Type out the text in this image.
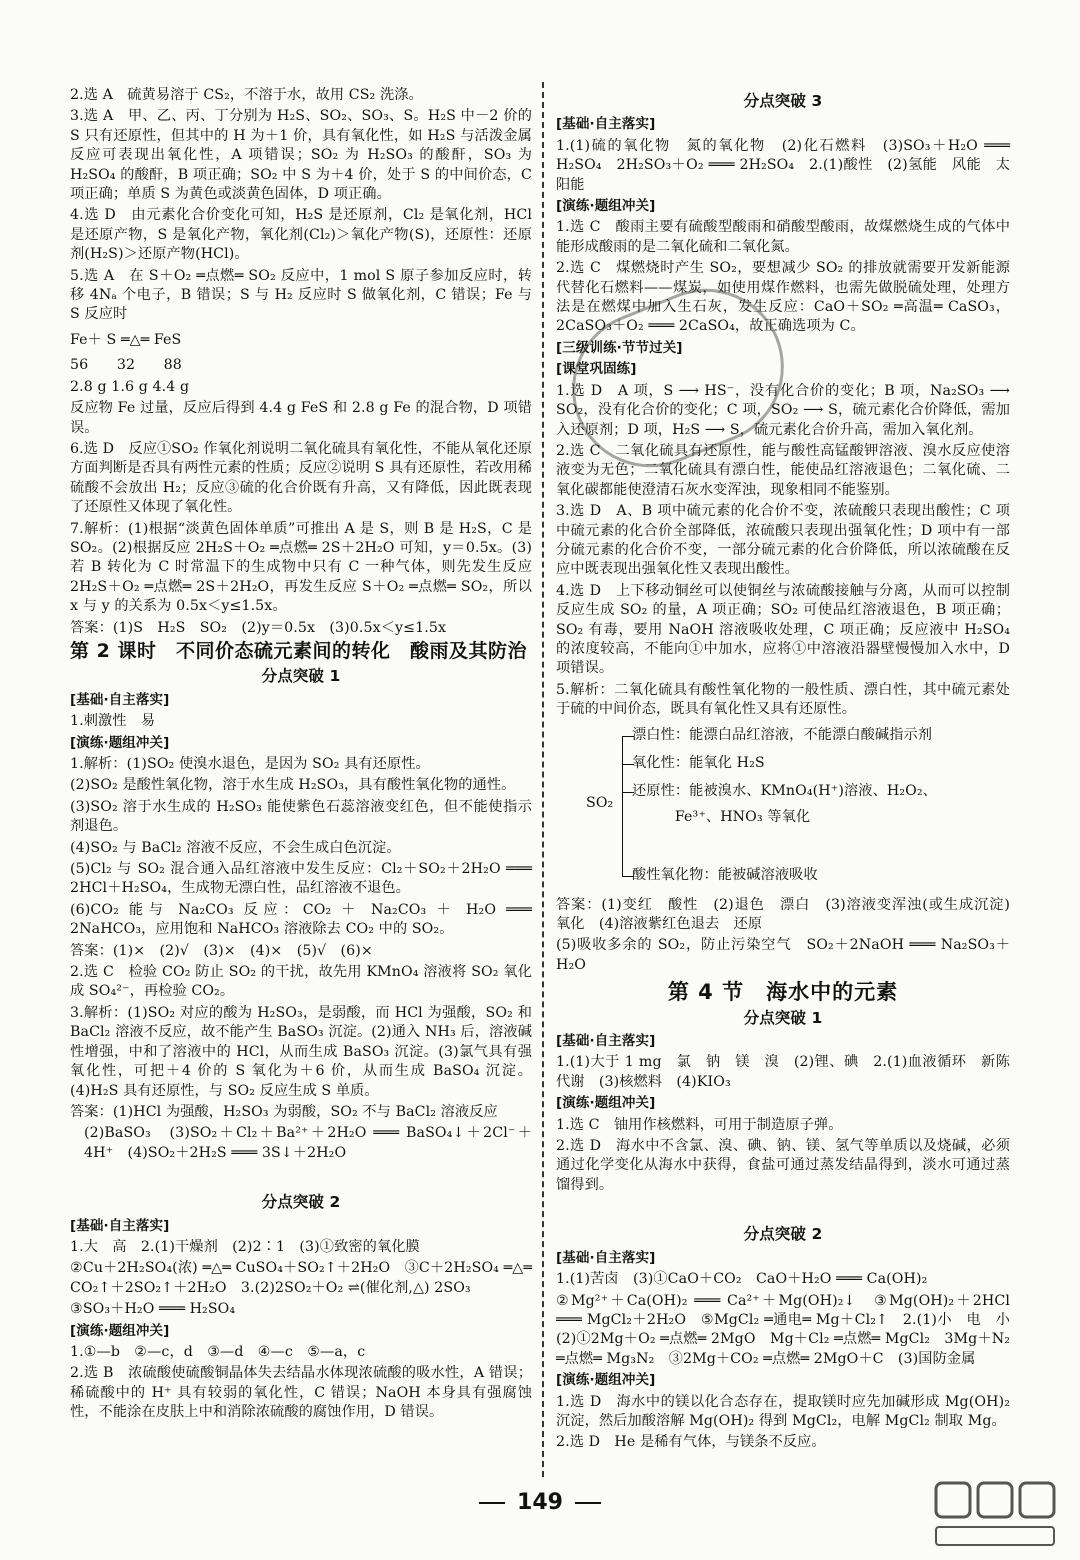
2.选 A　硫黄易溶于 CS₂，不溶于水，故用 CS₂ 洗涤。
3.选 A　甲、乙、丙、丁分别为 H₂S、SO₂、SO₃、S。H₂S 中－2 价的 S 只有还原性，但其中的 H 为＋1 价，具有氧化性，如 H₂S 与活泼金属反应可表现出氧化性，A 项错误；SO₂ 为 H₂SO₃ 的酸酐，SO₃ 为 H₂SO₄ 的酸酐，B 项正确；SO₂ 中 S 为＋4 价，处于 S 的中间价态，C 项正确；单质 S 为黄色或淡黄色固体，D 项正确。
4.选 D　由元素化合价变化可知，H₂S 是还原剂，Cl₂ 是氧化剂，HCl 是还原产物，S 是氧化产物，氧化剂(Cl₂)＞氧化产物(S)，还原性：还原剂(H₂S)＞还原产物(HCl)。
5.选 A　在 S＋O₂ ═点燃═ SO₂ 反应中，1 mol S 原子参加反应时，转移 4Nₐ 个电子，B 错误；S 与 H₂ 反应时 S 做氧化剂，C 错误；Fe 与 S 反应时
Fe＋ S ═△═ FeS
56　　32　　88
2.8 g 1.6 g 4.4 g
反应物 Fe 过量，反应后得到 4.4 g FeS 和 2.8 g Fe 的混合物，D 项错误。
6.选 D　反应①SO₂ 作氧化剂说明二氧化硫具有氧化性，不能从氧化还原方面判断是否具有两性元素的性质；反应②说明 S 具有还原性，若改用稀硫酸不会放出 H₂；反应③硫的化合价既有升高，又有降低，因此既表现了还原性又体现了氧化性。
7.解析：(1)根据“淡黄色固体单质”可推出 A 是 S，则 B 是 H₂S，C 是 SO₂。(2)根据反应 2H₂S＋O₂ ═点燃═ 2S＋2H₂O 可知，y＝0.5x。(3)若 B 转化为 C 时常温下的生成物中只有 C 一种气体，则先发生反应 2H₂S＋O₂ ═点燃═ 2S＋2H₂O，再发生反应 S＋O₂ ═点燃═ SO₂，所以 x 与 y 的关系为 0.5x＜y≤1.5x。
答案：(1)S　H₂S　SO₂　(2)y＝0.5x　(3)0.5x＜y≤1.5x
第 2 课时　不同价态硫元素间的转化　酸雨及其防治
分点突破 1
[基础·自主落实]
1.刺激性　易
[演练·题组冲关]
1.解析：(1)SO₂ 使溴水退色，是因为 SO₂ 具有还原性。
(2)SO₂ 是酸性氧化物，溶于水生成 H₂SO₃，具有酸性氧化物的通性。
(3)SO₂ 溶于水生成的 H₂SO₃ 能使紫色石蕊溶液变红色，但不能使指示剂退色。
(4)SO₂ 与 BaCl₂ 溶液不反应，不会生成白色沉淀。
(5)Cl₂ 与 SO₂ 混合通入品红溶液中发生反应：Cl₂＋SO₂＋2H₂O ═══ 2HCl＋H₂SO₄，生成物无漂白性，品红溶液不退色。
(6)CO₂ 能与 Na₂CO₃ 反应：CO₂ ＋ Na₂CO₃ ＋ H₂O ═══ 2NaHCO₃，应用饱和 NaHCO₃ 溶液除去 CO₂ 中的 SO₂。
答案：(1)×　(2)√　(3)×　(4)×　(5)√　(6)×
2.选 C　检验 CO₂ 防止 SO₂ 的干扰，故先用 KMnO₄ 溶液将 SO₂ 氧化成 SO₄²⁻，再检验 CO₂。
3.解析：(1)SO₂ 对应的酸为 H₂SO₃，是弱酸，而 HCl 为强酸，SO₂ 和 BaCl₂ 溶液不反应，故不能产生 BaSO₃ 沉淀。(2)通入 NH₃ 后，溶液碱性增强，中和了溶液中的 HCl，从而生成 BaSO₃ 沉淀。(3)氯气具有强氧化性，可把＋4 价的 S 氧化为＋6 价，从而生成 BaSO₄ 沉淀。(4)H₂S 具有还原性，与 SO₂ 反应生成 S 单质。
答案：(1)HCl 为强酸，H₂SO₃ 为弱酸，SO₂ 不与 BaCl₂ 溶液反应
(2)BaSO₃　(3)SO₂＋Cl₂＋Ba²⁺＋2H₂O ═══ BaSO₄↓＋2Cl⁻＋4H⁺　(4)SO₂＋2H₂S ═══ 3S↓＋2H₂O
分点突破 2
[基础·自主落实]
1.大　高　2.(1)干燥剂　(2)2∶1　(3)①致密的氧化膜
②Cu＋2H₂SO₄(浓) ═△═ CuSO₄＋SO₂↑＋2H₂O　③C＋2H₂SO₄ ═△═ CO₂↑＋2SO₂↑＋2H₂O　3.(2)2SO₂＋O₂ ⇌(催化剂,△) 2SO₃
③SO₃＋H₂O ═══ H₂SO₄
[演练·题组冲关]
1.①—b　②—c，d　③—d　④—c　⑤—a，c
2.选 B　浓硫酸使硫酸铜晶体失去结晶水体现浓硫酸的吸水性，A 错误；稀硫酸中的 H⁺ 具有较弱的氧化性，C 错误；NaOH 本身具有强腐蚀性，不能涂在皮肤上中和消除浓硫酸的腐蚀作用，D 错误。
分点突破 3
[基础·自主落实]
1.(1)硫的氧化物　氮的氧化物　(2)化石燃料　(3)SO₃＋H₂O ═══ H₂SO₄　2H₂SO₃＋O₂ ═══ 2H₂SO₄　2.(1)酸性　(2)氢能　风能　太阳能
[演练·题组冲关]
1.选 C　酸雨主要有硫酸型酸雨和硝酸型酸雨，故煤燃烧生成的气体中能形成酸雨的是二氧化硫和二氧化氮。
2.选 C　煤燃烧时产生 SO₂，要想减少 SO₂ 的排放就需要开发新能源代替化石燃料——煤炭，如使用煤作燃料，也需先做脱硫处理，处理方法是在燃煤中加入生石灰，发生反应：CaO＋SO₂ ═高温═ CaSO₃，2CaSO₃＋O₂ ═══ 2CaSO₄，故正确选项为 C。
[三级训练·节节过关]
[课堂巩固练]
1.选 D　A 项，S ⟶ HS⁻，没有化合价的变化；B 项，Na₂SO₃ ⟶ SO₂，没有化合价的变化；C 项，SO₂ ⟶ S，硫元素化合价降低，需加入还原剂；D 项，H₂S ⟶ S，硫元素化合价升高，需加入氧化剂。
2.选 C　二氧化硫具有还原性，能与酸性高锰酸钾溶液、溴水反应使溶液变为无色；二氧化硫具有漂白性，能使品红溶液退色；二氧化硫、二氧化碳都能使澄清石灰水变浑浊，现象相同不能鉴别。
3.选 D　A、B 项中硫元素的化合价不变，浓硫酸只表现出酸性；C 项中硫元素的化合价全部降低，浓硫酸只表现出强氧化性；D 项中有一部分硫元素的化合价不变，一部分硫元素的化合价降低，所以浓硫酸在反应中既表现出强氧化性又表现出酸性。
4.选 D　上下移动铜丝可以使铜丝与浓硫酸接触与分离，从而可以控制反应生成 SO₂ 的量，A 项正确；SO₂ 可使品红溶液退色，B 项正确；SO₂ 有毒，要用 NaOH 溶液吸收处理，C 项正确；反应液中 H₂SO₄ 的浓度较高，不能向①中加水，应将①中溶液沿器壁慢慢加入水中，D 项错误。
5.解析：二氧化硫具有酸性氧化物的一般性质、漂白性，其中硫元素处于硫的中间价态，既具有氧化性又具有还原性。
SO₂
漂白性：能漂白品红溶液，不能漂白酸碱指示剂
氧化性：能氧化 H₂S
还原性：能被溴水、KMnO₄(H⁺)溶液、H₂O₂、
　　　Fe³⁺、HNO₃ 等氧化
酸性氧化物：能被碱溶液吸收
答案：(1)变红　酸性　(2)退色　漂白　(3)溶液变浑浊(或生成沉淀)　氧化　(4)溶液紫红色退去　还原
(5)吸收多余的 SO₂，防止污染空气　SO₂＋2NaOH ═══ Na₂SO₃＋H₂O
第 4 节　海水中的元素
分点突破 1
[基础·自主落实]
1.(1)大于 1 mg　氯　钠　镁　溴　(2)锂、碘　2.(1)血液循环　新陈代谢　(3)核燃料　(4)KIO₃
[演练·题组冲关]
1.选 C　铀用作核燃料，可用于制造原子弹。
2.选 D　海水中不含氯、溴、碘、钠、镁、氢气等单质以及烧碱，必须通过化学变化从海水中获得，食盐可通过蒸发结晶得到，淡水可通过蒸馏得到。
分点突破 2
[基础·自主落实]
1.(1)苦卤　(3)①CaO＋CO₂　CaO＋H₂O ═══ Ca(OH)₂
②Mg²⁺＋Ca(OH)₂ ═══ Ca²⁺＋Mg(OH)₂↓　③Mg(OH)₂＋2HCl ═══ MgCl₂＋2H₂O　⑤MgCl₂ ═通电═ Mg＋Cl₂↑　2.(1)小　电　小　(2)①2Mg＋O₂ ═点燃═ 2MgO　Mg＋Cl₂ ═点燃═ MgCl₂　3Mg＋N₂ ═点燃═ Mg₃N₂　③2Mg＋CO₂ ═点燃═ 2MgO＋C　(3)国防金属
[演练·题组冲关]
1.选 D　海水中的镁以化合态存在，提取镁时应先加碱形成 Mg(OH)₂ 沉淀，然后加酸溶解 Mg(OH)₂ 得到 MgCl₂，电解 MgCl₂ 制取 Mg。
2.选 D　He 是稀有气体，与镁条不反应。
149
